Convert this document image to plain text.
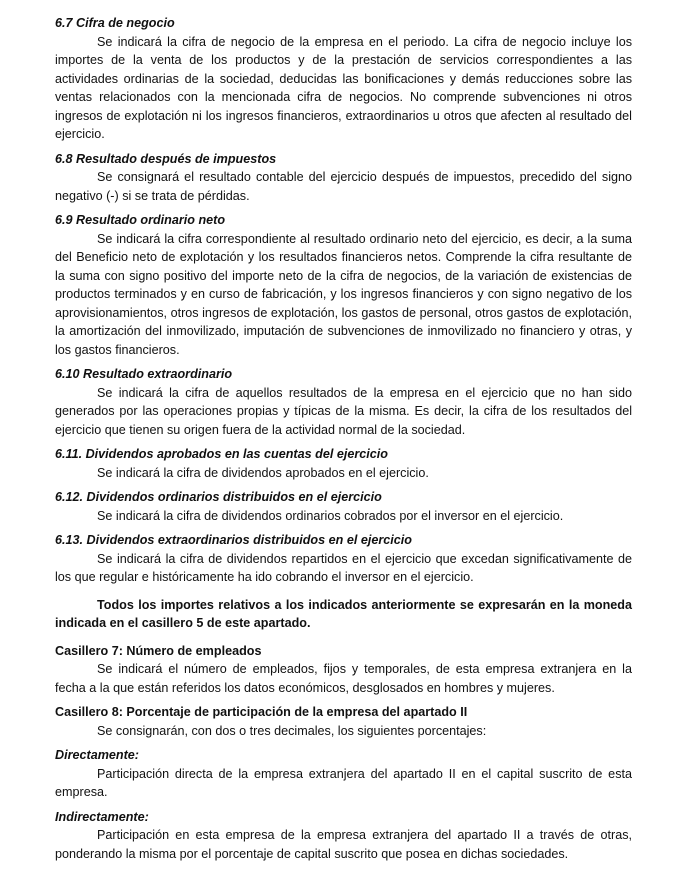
6.7 Cifra de negocio

Se indicará la cifra de negocio de la empresa en el periodo. La cifra de negocio incluye los importes de la venta de los productos y de la prestación de servicios correspondientes a las actividades ordinarias de la sociedad, deducidas las bonificaciones y demás reducciones sobre las ventas relacionados con la mencionada cifra de negocios. No comprende subvenciones ni otros ingresos de explotación ni los ingresos financieros, extraordinarios u otros que afecten al resultado del ejercicio.

6.8 Resultado después de impuestos

Se consignará el resultado contable del ejercicio después de impuestos, precedido del signo negativo (-) si se trata de pérdidas.

6.9 Resultado ordinario neto

Se indicará la cifra correspondiente al resultado ordinario neto del ejercicio, es decir, a la suma del Beneficio neto de explotación y los resultados financieros netos. Comprende la cifra resultante de la suma con signo positivo del importe neto de la cifra de negocios, de la variación de existencias de productos terminados y en curso de fabricación, y los ingresos financieros y con signo negativo de los aprovisionamientos, otros ingresos de explotación, los gastos de personal, otros gastos de explotación, la amortización del inmovilizado, imputación de subvenciones de inmovilizado no financiero y otras, y los gastos financieros.

6.10 Resultado extraordinario

Se indicará la cifra de aquellos resultados de la empresa en el ejercicio que no han sido generados por las operaciones propias y típicas de la misma. Es decir, la cifra de los resultados del ejercicio que tienen su origen fuera de la actividad normal de la sociedad.

6.11. Dividendos aprobados en las cuentas del ejercicio

Se indicará la cifra de dividendos aprobados en el ejercicio.

6.12. Dividendos ordinarios distribuidos en el ejercicio

Se indicará la cifra de dividendos ordinarios cobrados por el inversor en el ejercicio.

6.13. Dividendos extraordinarios distribuidos en el ejercicio

Se indicará la cifra de dividendos repartidos en el ejercicio que excedan significativamente de los que regular e históricamente ha ido cobrando el inversor en el ejercicio.

Todos los importes relativos a los indicados anteriormente se expresarán en la moneda indicada en el casillero 5 de este apartado.

Casillero 7: Número de empleados

Se indicará el número de empleados, fijos y temporales, de esta empresa extranjera en la fecha a la que están referidos los datos económicos, desglosados en hombres y mujeres.

Casillero 8: Porcentaje de participación de la empresa del apartado II

Se consignarán, con dos o tres decimales, los siguientes porcentajes:

Directamente:

Participación directa de la empresa extranjera del apartado II en el capital suscrito de esta empresa.

Indirectamente:

Participación en esta empresa de la empresa extranjera del apartado II a través de otras, ponderando la misma por el porcentaje de capital suscrito que posea en dichas sociedades.
